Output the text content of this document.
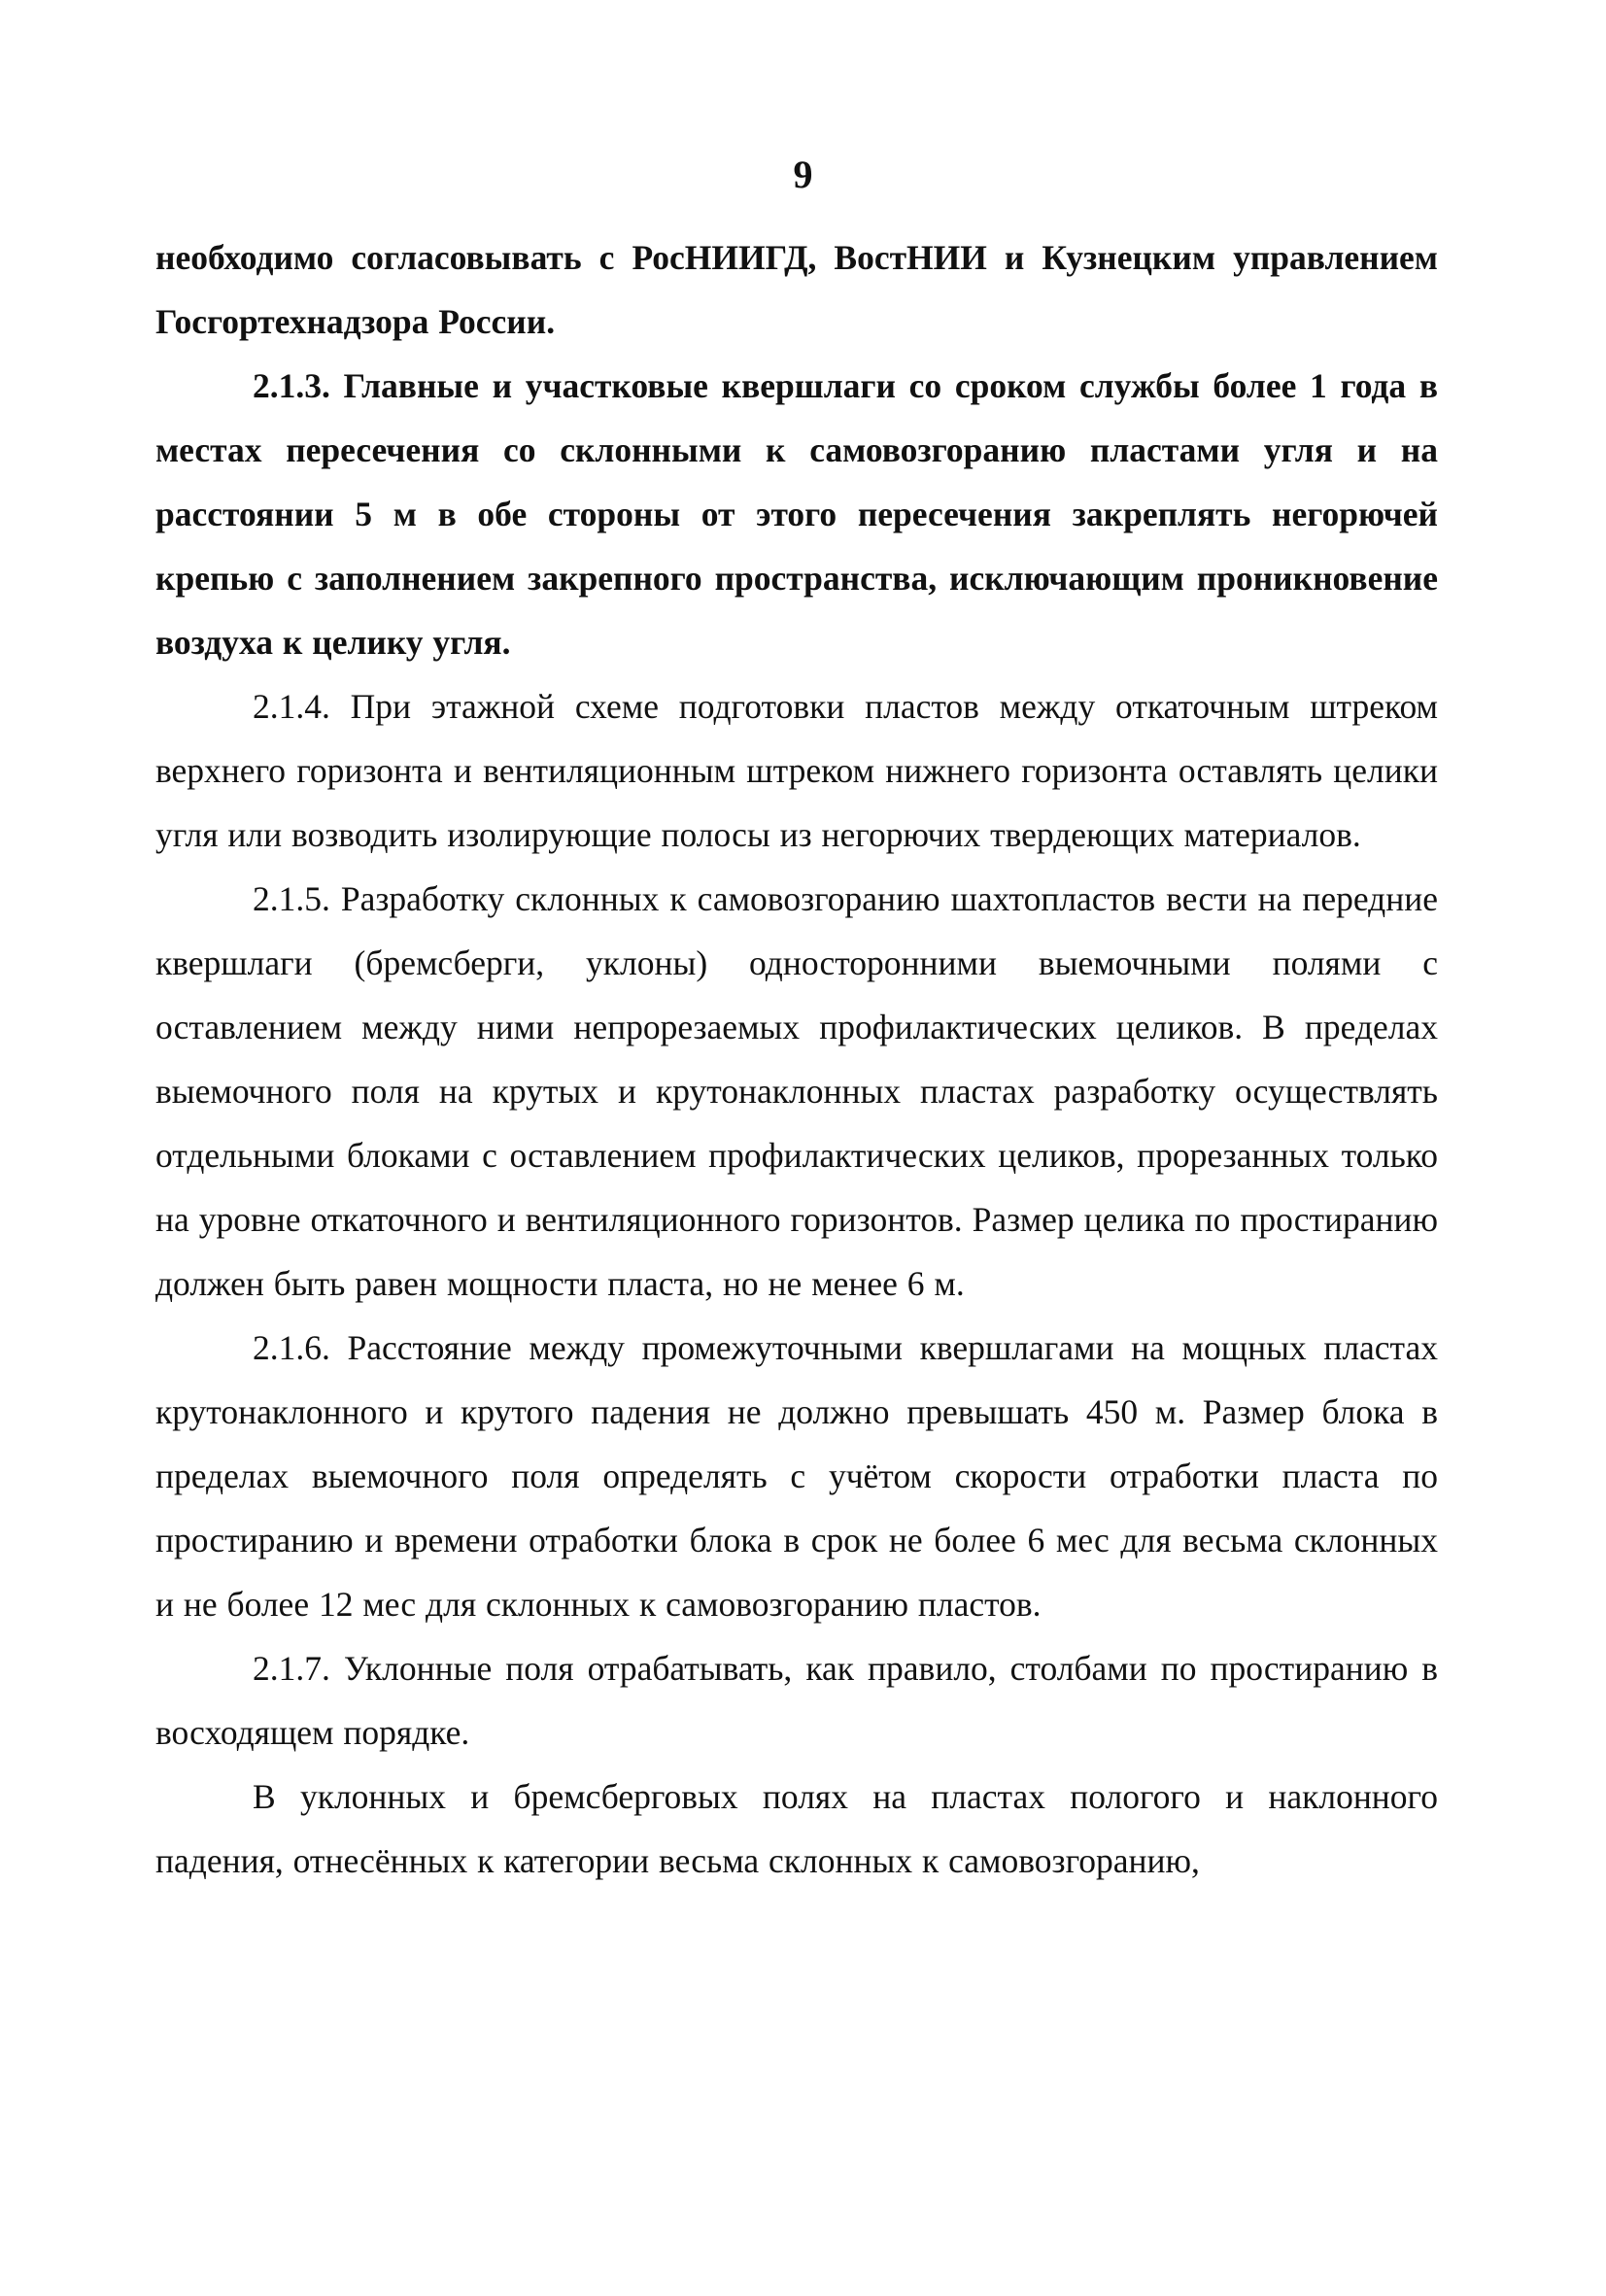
9

необходимо согласовывать с РосНИИГД, ВостНИИ и Кузнецким управлением Госгортехнадзора России.

2.1.3. Главные и участковые квершлаги со сроком службы более 1 года в местах пересечения со склонными к самовозгоранию пластами угля и на расстоянии 5 м в обе стороны от этого пересечения закреплять негорючей крепью с заполнением закрепного пространства, исключающим проникновение воздуха к целику угля.

2.1.4. При этажной схеме подготовки пластов между откаточным штреком верхнего горизонта и вентиляционным штреком нижнего горизонта оставлять целики угля или возводить изолирующие полосы из негорючих твердеющих материалов.

2.1.5. Разработку склонных к самовозгоранию шахтопластов вести на передние квершлаги (бремсберги, уклоны) односторонними выемочными полями с оставлением между ними непрорезаемых профилактических целиков. В пределах выемочного поля на крутых и крутонаклонных пластах разработку осуществлять отдельными блоками с оставлением профилактических целиков, прорезанных только на уровне откаточного и вентиляционного горизонтов. Размер целика по простиранию должен быть равен мощности пласта, но не менее 6 м.

2.1.6. Расстояние между промежуточными квершлагами на мощных пластах крутонаклонного и крутого падения не должно превышать 450 м. Размер блока в пределах выемочного поля определять с учётом скорости отработки пласта по простиранию и времени отработки блока в срок не более 6 мес для весьма склонных и не более 12 мес для склонных к самовозгоранию пластов.

2.1.7. Уклонные поля отрабатывать, как правило, столбами по простиранию в восходящем порядке.

В уклонных и бремсберговых полях на пластах пологого и наклонного падения, отнесённых к категории весьма склонных к самовозгоранию,
